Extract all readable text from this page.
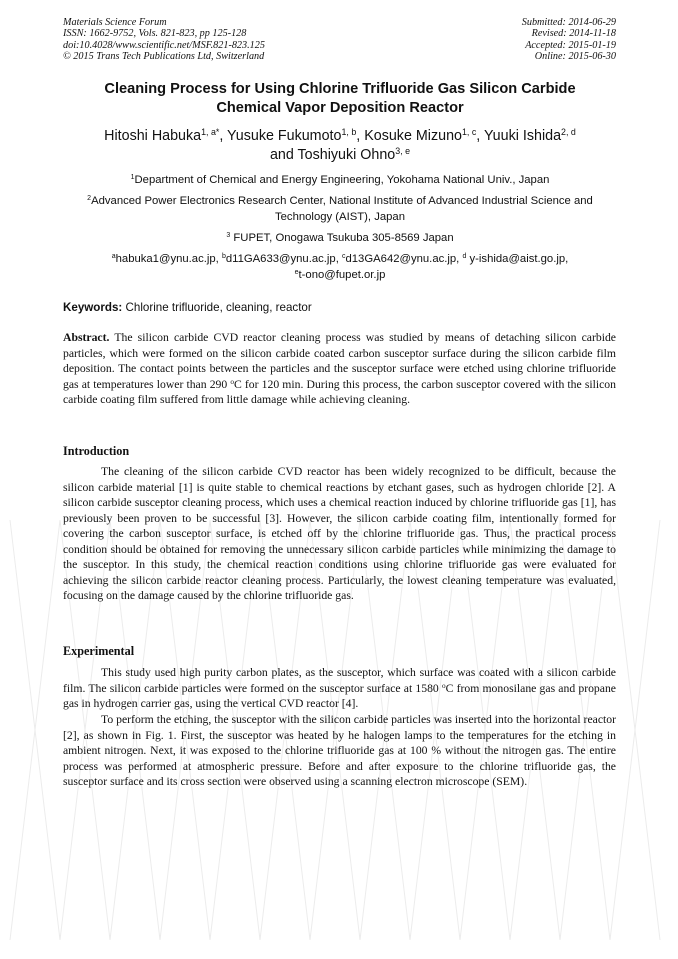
Materials Science Forum
ISSN: 1662-9752, Vols. 821-823, pp 125-128
doi:10.4028/www.scientific.net/MSF.821-823.125
© 2015 Trans Tech Publications Ltd, Switzerland
Submitted: 2014-06-29
Revised: 2014-11-18
Accepted: 2015-01-19
Online: 2015-06-30
Cleaning Process for Using Chlorine Trifluoride Gas Silicon Carbide
Chemical Vapor Deposition Reactor
Hitoshi Habuka$^{1, a*}$, Yusuke Fukumoto$^{1, b}$, Kosuke Mizuno$^{1, c}$, Yuuki Ishida$^{2, d}$
and Toshiyuki Ohno$^{3, e}$
$^1$Department of Chemical and Energy Engineering, Yokohama National Univ., Japan
$^2$Advanced Power Electronics Research Center, National Institute of Advanced Industrial Science and Technology (AIST), Japan
$^3$ FUPET, Onogawa Tsukuba 305-8569 Japan
$^a$habuka1@ynu.ac.jp, $^b$d11GA633@ynu.ac.jp, $^c$d13GA642@ynu.ac.jp, $^d$ y-ishida@aist.go.jp,
$^e$t-ono@fupet.or.jp
Keywords: Chlorine trifluoride, cleaning, reactor

Abstract. The silicon carbide CVD reactor cleaning process was studied by means of detaching silicon carbide particles, which were formed on the silicon carbide coated carbon susceptor surface during the silicon carbide film deposition. The contact points between the particles and the susceptor surface were etched using chlorine trifluoride gas at temperatures lower than 290 $^o$C for 120 min. During this process, the carbon susceptor covered with the silicon carbide coating film suffered from little damage while achieving cleaning.

Introduction

The cleaning of the silicon carbide CVD reactor has been widely recognized to be difficult, because the silicon carbide material [1] is quite stable to chemical reactions by etchant gases, such as hydrogen chloride [2]. A silicon carbide susceptor cleaning process, which uses a chemical reaction induced by chlorine trifluoride gas [1], has previously been proven to be successful [3]. However, the silicon carbide coating film, intentionally formed for covering the carbon susceptor surface, is etched off by the chlorine trifluoride gas. Thus, the practical process condition should be obtained for removing the unnecessary silicon carbide particles while minimizing the damage to the susceptor. In this study, the chemical reaction conditions using chlorine trifluoride gas were evaluated for achieving the silicon carbide reactor cleaning process. Particularly, the lowest cleaning temperature was evaluated, focusing on the damage caused by the chlorine trifluoride gas.

Experimental

This study used high purity carbon plates, as the susceptor, which surface was coated with a silicon carbide film. The silicon carbide particles were formed on the susceptor surface at 1580 $^o$C from monosilane gas and propane gas in hydrogen carrier gas, using the vertical CVD reactor [4].

To perform the etching, the susceptor with the silicon carbide particles was inserted into the horizontal reactor [2], as shown in Fig. 1. First, the susceptor was heated by he halogen lamps to the temperatures for the etching in ambient nitrogen. Next, it was exposed to the chlorine trifluoride gas at 100 % without the nitrogen gas. The entire process was performed at atmospheric pressure. Before and after exposure to the chlorine trifluoride gas, the susceptor surface and its cross section were observed using a scanning electron microscope (SEM).
